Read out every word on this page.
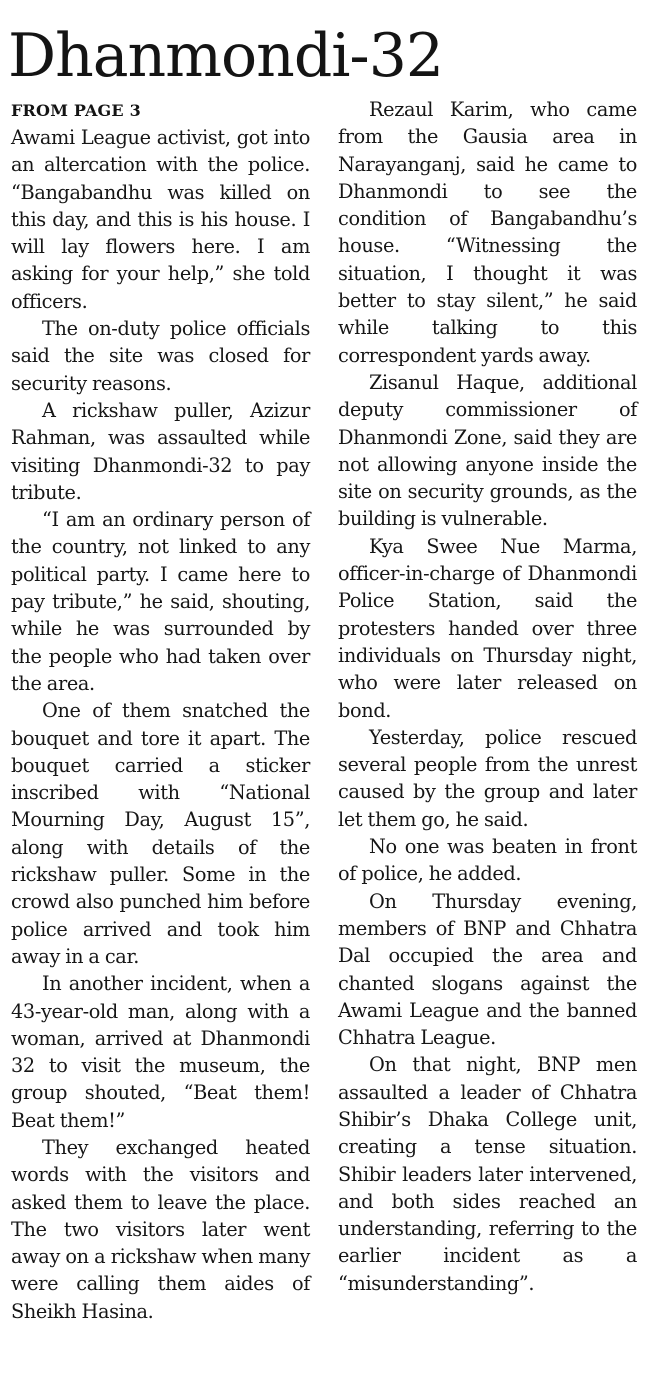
Dhanmondi-32
FROM PAGE 3

Awami League activist, got into an altercation with the police. “Bangabandhu was killed on this day, and this is his house. I will lay flowers here. I am asking for your help,” she told officers.

The on-duty police officials said the site was closed for security reasons.

A rickshaw puller, Azizur Rahman, was assaulted while visiting Dhanmondi-32 to pay tribute.

“I am an ordinary person of the country, not linked to any political party. I came here to pay tribute,” he said, shouting, while he was surrounded by the people who had taken over the area.

One of them snatched the bouquet and tore it apart. The bouquet carried a sticker inscribed with “National Mourning Day, August 15”, along with details of the rickshaw puller. Some in the crowd also punched him before police arrived and took him away in a car.

In another incident, when a 43-year-old man, along with a woman, arrived at Dhanmondi 32 to visit the museum, the group shouted, “Beat them! Beat them!”

They exchanged heated words with the visitors and asked them to leave the place. The two visitors later went away on a rickshaw when many were calling them aides of Sheikh Hasina.

Rezaul Karim, who came from the Gausia area in Narayanganj, said he came to Dhanmondi to see the condition of Bangabandhu’s house. “Witnessing the situation, I thought it was better to stay silent,” he said while talking to this correspondent yards away.

Zisanul Haque, additional deputy commissioner of Dhanmondi Zone, said they are not allowing anyone inside the site on security grounds, as the building is vulnerable.

Kya Swee Nue Marma, officer-in-charge of Dhanmondi Police Station, said the protesters handed over three individuals on Thursday night, who were later released on bond.

Yesterday, police rescued several people from the unrest caused by the group and later let them go, he said.

No one was beaten in front of police, he added.

On Thursday evening, members of BNP and Chhatra Dal occupied the area and chanted slogans against the Awami League and the banned Chhatra League.

On that night, BNP men assaulted a leader of Chhatra Shibir’s Dhaka College unit, creating a tense situation. Shibir leaders later intervened, and both sides reached an understanding, referring to the earlier incident as a “misunderstanding”.
